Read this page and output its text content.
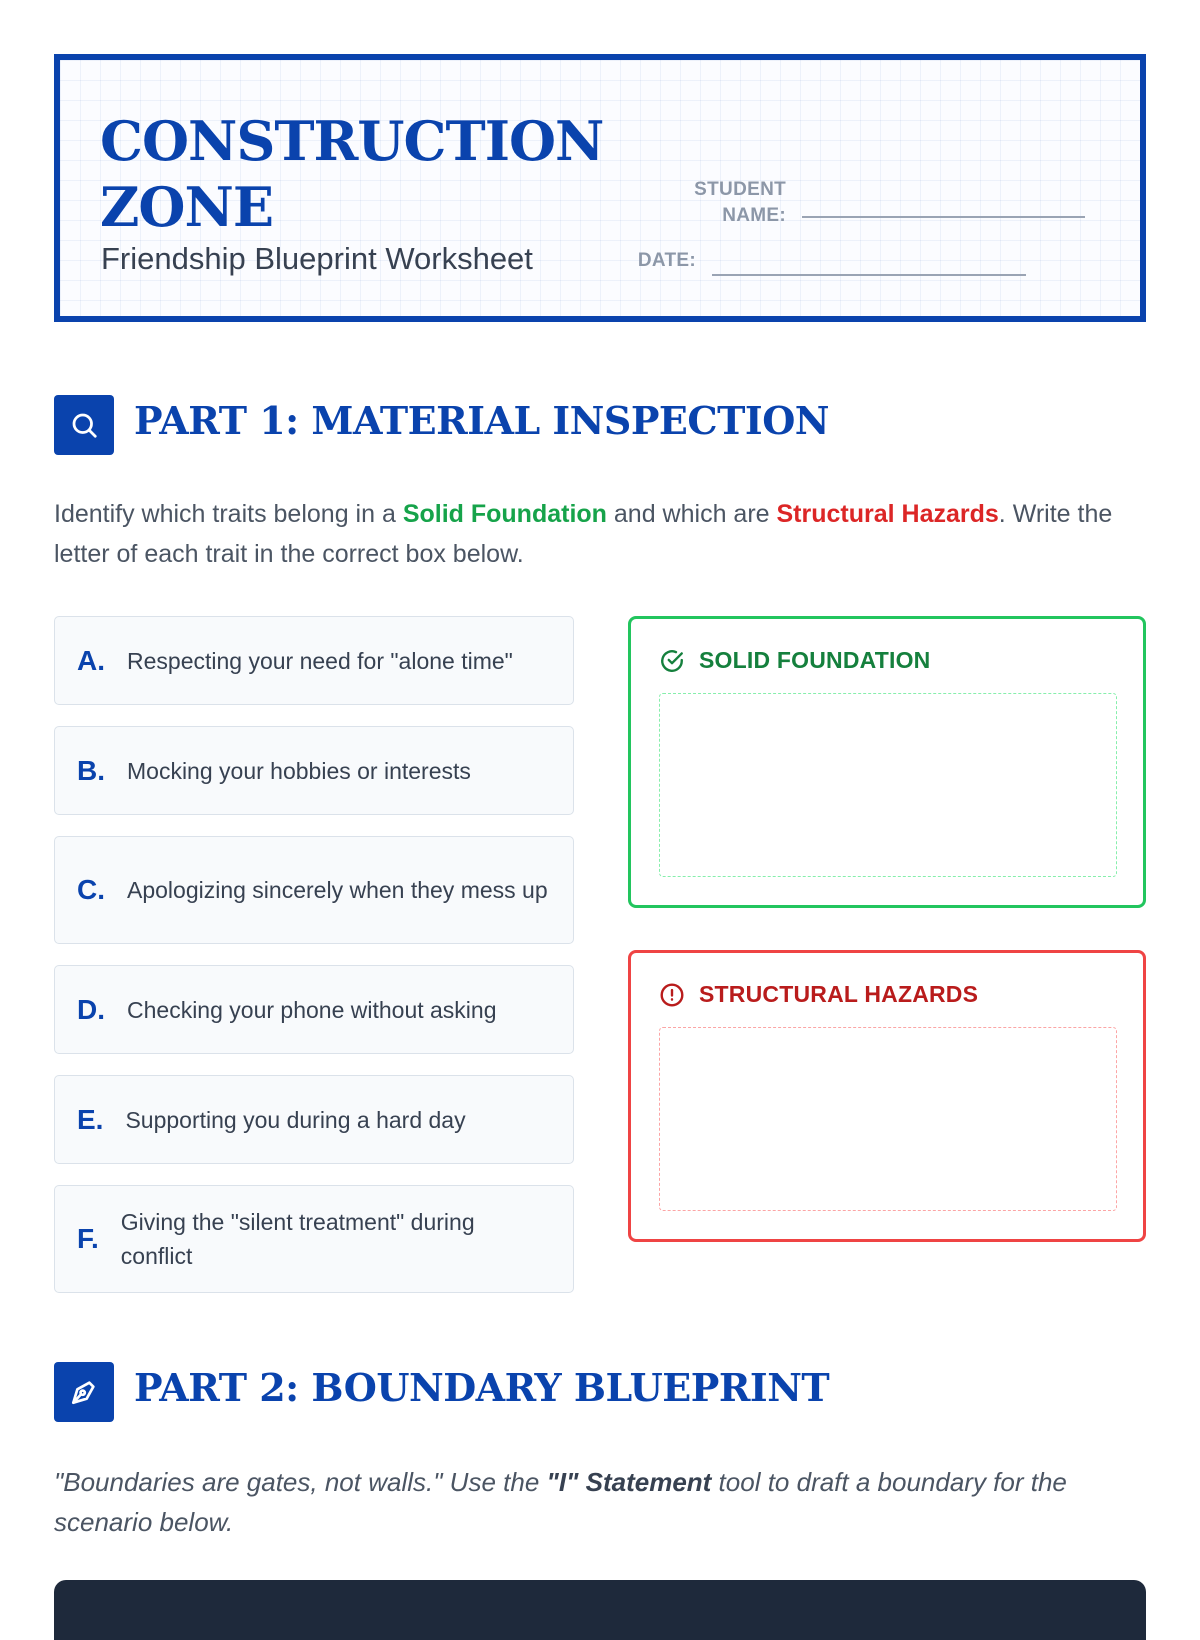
CONSTRUCTION ZONE

Friendship Blueprint Worksheet

STUDENT NAME:
DATE:
PART 1: MATERIAL INSPECTION

Identify which traits belong in a Solid Foundation and which are Structural Hazards. Write the letter of each trait in the correct box below.

A. Respecting your need for "alone time"
B. Mocking your hobbies or interests
C. Apologizing sincerely when they mess up
D. Checking your phone without asking
E. Supporting you during a hard day
F.
Giving the "silent treatment" during conflict
SOLID FOUNDATION
STRUCTURAL HAZARDS
PART 2: BOUNDARY BLUEPRINT

"Boundaries are gates, not walls." Use the "I" Statement tool to draft a boundary for the scenario below.
